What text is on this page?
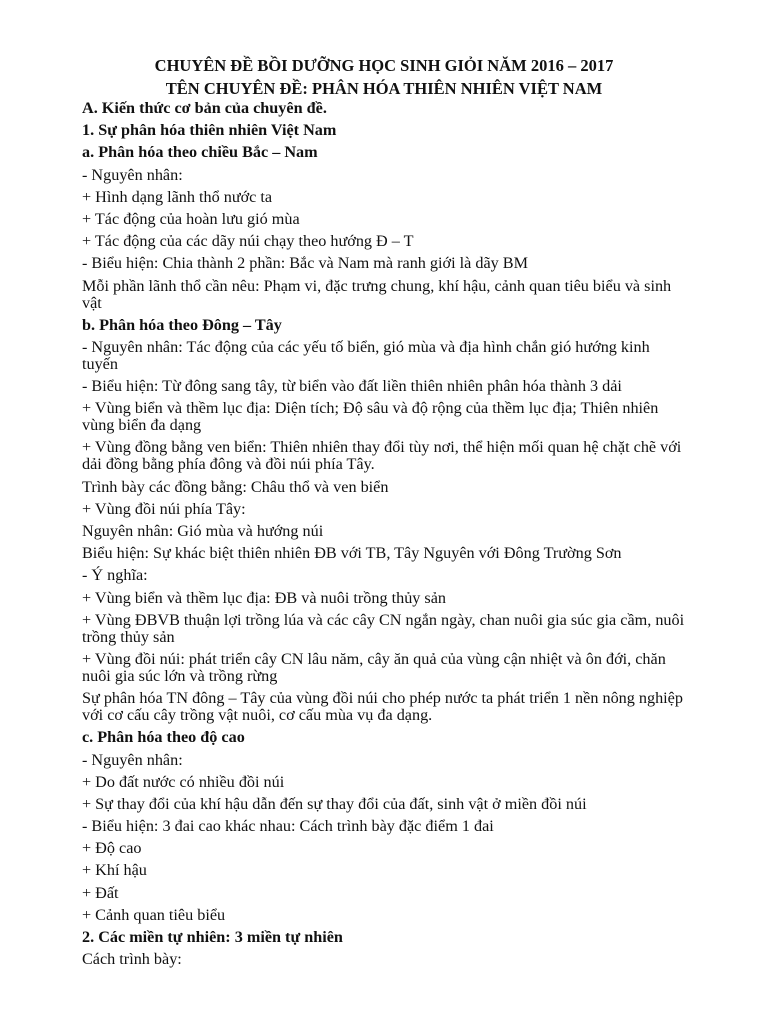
CHUYÊN ĐỀ BỒI DƯỠNG HỌC SINH GIỎI NĂM 2016 – 2017
TÊN CHUYÊN ĐỀ: PHÂN HÓA THIÊN NHIÊN VIỆT NAM
A. Kiến thức cơ bản của chuyên đề.
1. Sự phân hóa thiên nhiên Việt Nam
a. Phân hóa theo chiều Bắc – Nam
- Nguyên nhân:
+ Hình dạng lãnh thổ nước ta
+ Tác động của hoàn lưu gió mùa
+ Tác động của các dãy núi chạy theo hướng Đ – T
- Biểu hiện: Chia thành 2 phần: Bắc và Nam mà ranh giới là dãy BM
Mỗi phần lãnh thổ cần nêu: Phạm vi, đặc trưng chung, khí hậu, cảnh quan tiêu biểu và sinh
vật
b. Phân hóa theo Đông – Tây
- Nguyên nhân: Tác động của các yếu tố biển, gió mùa và địa hình chắn gió hướng kinh
tuyến
- Biểu hiện: Từ đông sang tây, từ biển vào đất liền thiên nhiên phân hóa thành 3 dải
+ Vùng biển và thềm lục địa: Diện tích; Độ sâu và độ rộng của thềm lục địa; Thiên nhiên
vùng biển đa dạng
+ Vùng đồng bằng ven biển: Thiên nhiên thay đổi tùy nơi, thể hiện mối quan hệ chặt chẽ với
dải đồng bằng phía đông và đồi núi phía Tây.
Trình bày các đồng bằng: Châu thổ và ven biển
+ Vùng đồi núi phía Tây:
Nguyên nhân: Gió mùa và hướng núi
Biểu hiện: Sự khác biệt thiên nhiên ĐB với TB, Tây Nguyên với Đông Trường Sơn
- Ý nghĩa:
+ Vùng biển và thềm lục địa: ĐB và nuôi trồng thủy sản
+ Vùng ĐBVB thuận lợi trồng lúa và các cây CN ngắn ngày, chan nuôi gia súc gia cầm, nuôi
trồng thủy sản
+ Vùng đồi núi: phát triển cây CN lâu năm, cây ăn quả của vùng cận nhiệt và ôn đới, chăn
nuôi gia súc lớn và trồng rừng
Sự phân hóa TN đông – Tây của vùng đồi núi cho phép nước ta phát triển 1 nền nông nghiệp
với cơ cấu cây trồng vật nuôi, cơ cấu mùa vụ đa dạng.
c. Phân hóa theo độ cao
- Nguyên nhân:
+ Do đất nước có nhiều đồi núi
+ Sự thay đổi của khí hậu dẫn đến sự thay đổi của đất, sinh vật ở miền đồi núi
- Biểu hiện: 3 đai cao khác nhau: Cách trình bày đặc điểm 1 đai
+ Độ cao
+ Khí hậu
+ Đất
+ Cảnh quan tiêu biểu
2. Các miền tự nhiên: 3 miền tự nhiên
Cách trình bày:
